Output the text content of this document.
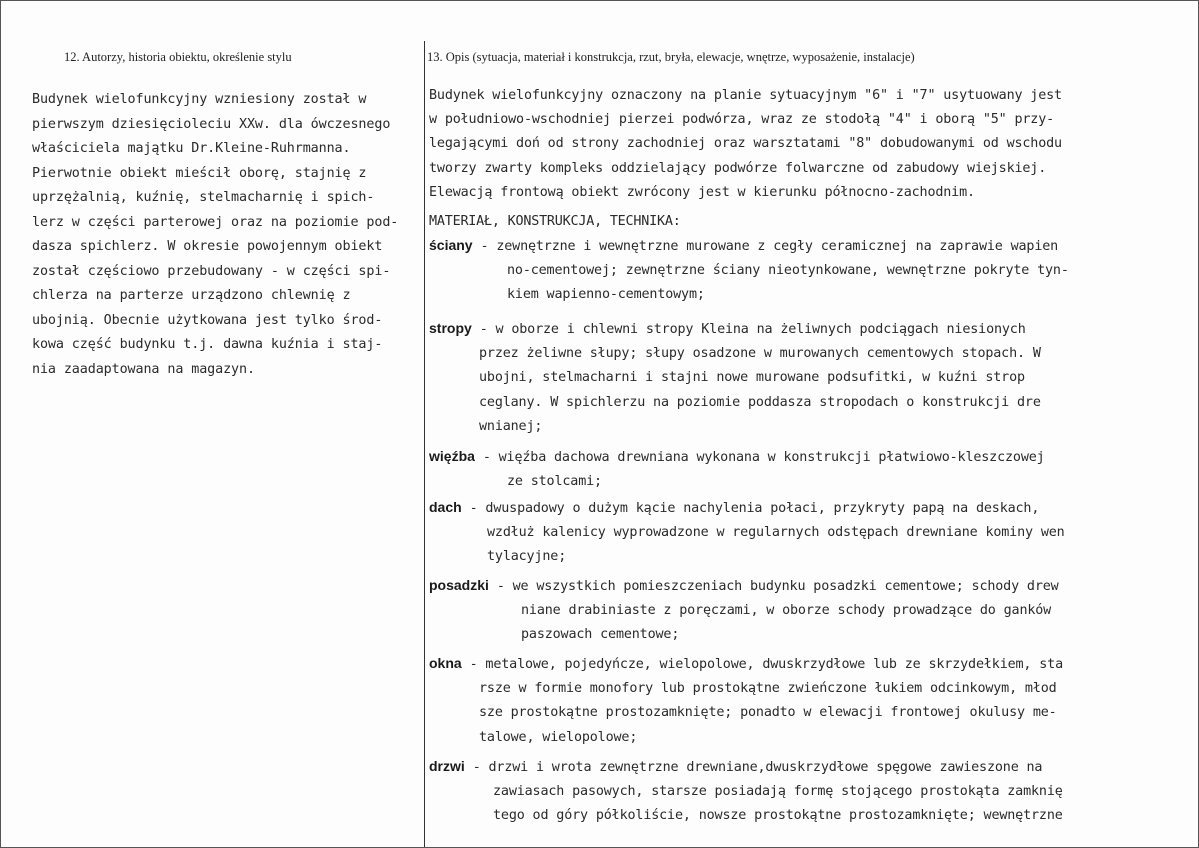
12. Autorzy, historia obiektu, określenie stylu	13. Opis (sytuacja, materiał i konstrukcja, rzut, bryła, elewacje, wnętrze, wyposażenie, instalacje)
Budynek wielofunkcyjny wzniesiony został w
pierwszym dziesięcioleciu XXw. dla ówczesnego
właściciela majątku Dr.Kleine-Ruhrmanna.
Pierwotnie obiekt mieścił oborę, stajnię z
uprzężalnią, kuźnię, stelmacharnię i spich-
lerz w części parterowej oraz na poziomie pod-
dasza spichlerz. W okresie powojennym obiekt
został częściowo przebudowany - w części spi-
chlerza na parterze urządzono chlewnię z
ubojnią. Obecnie użytkowana jest tylko środ-
kowa część budynku t.j. dawna kuźnia i staj-
nia zaadaptowana na magazyn.
Budynek wielofunkcyjny oznaczony na planie sytuacyjnym "6" i "7" usytuowany jest
w południowo-wschodniej pierzei podwórza, wraz ze stodołą "4" i oborą "5" przy-
legającymi doń od strony zachodniej oraz warsztatami "8" dobudowanymi od wschodu
tworzy zwarty kompleks oddzielający podwórze folwarczne od zabudowy wiejskiej.
Elewacją frontową obiekt zwrócony jest w kierunku północno-zachodnim.
MATERIAŁ, KONSTRUKCJA, TECHNIKA:
ściany - zewnętrzne i wewnętrzne murowane z cegły ceramicznej na zaprawie wapien
no-cementowej; zewnętrzne ściany nieotynkowane, wewnętrzne pokryte tyn-
kiem wapienno-cementowym;
stropy - w oborze i chlewni stropy Kleina na żeliwnych podciągach niesionych
przez żeliwne słupy; słupy osadzone w murowanych cementowych stopach. W
ubojni, stelmacharni i stajni nowe murowane podsufitki, w kuźni strop
ceglany. W spichlerzu na poziomie poddasza stropodach o konstrukcji dre
wnianej;
więźba - więźba dachowa drewniana wykonana w konstrukcji płatwiowo-kleszczowej
ze stolcami;
dach - dwuspadowy o dużym kącie nachylenia połaci, przykryty papą na deskach,
wzdłuż kalenicy wyprowadzone w regularnych odstępach drewniane kominy wen
tylacyjne;
posadzki - we wszystkich pomieszczeniach budynku posadzki cementowe; schody drew
niane drabiniaste z poręczami, w oborze schody prowadzące do ganków
paszowach cementowe;
okna - metalowe, pojedyńcze, wielopolowe, dwuskrzydłowe lub ze skrzydełkiem, sta
rsze w formie monofory lub prostokątne zwieńczone łukiem odcinkowym, młod
sze prostokątne prostozamknięte; ponadto w elewacji frontowej okulusy me-
talowe, wielopolowe;
drzwi - drzwi i wrota zewnętrzne drewniane,dwuskrzydłowe spęgowe zawieszone na
zawiasach pasowych, starsze posiadają formę stojącego prostokąta zamknię
tego od góry półkoliście, nowsze prostokątne prostozamknięte; wewnętrzne
